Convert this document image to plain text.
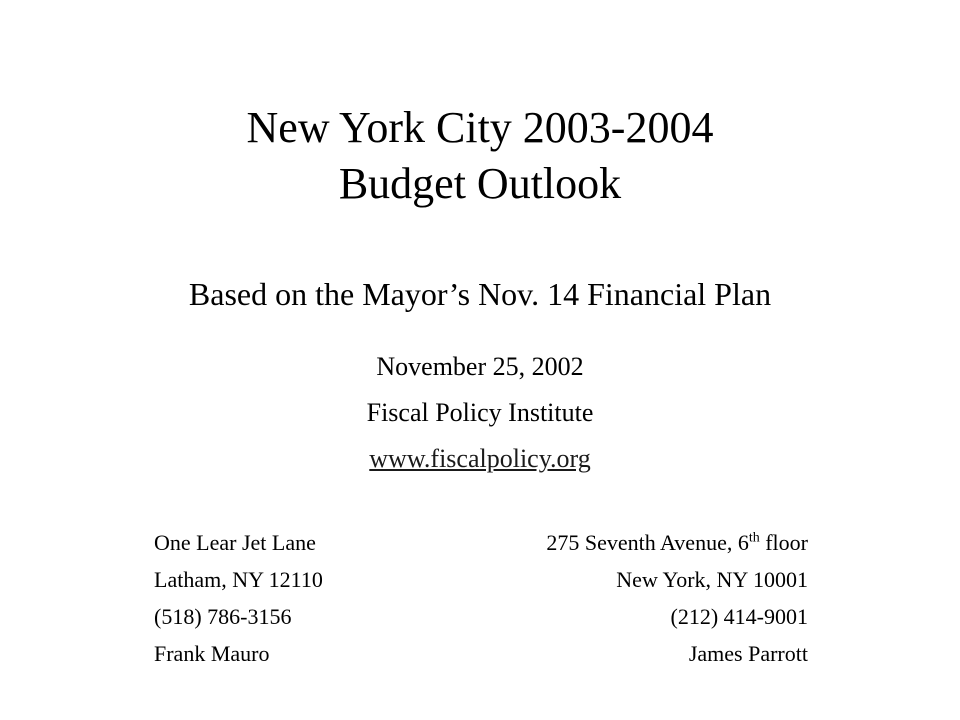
New York City 2003-2004
Budget Outlook
Based on the Mayor’s Nov. 14 Financial Plan
November 25, 2002
Fiscal Policy Institute
www.fiscalpolicy.org
One Lear Jet Lane
Latham, NY 12110
(518) 786-3156
Frank Mauro
275 Seventh Avenue, 6th floor
New York, NY 10001
(212) 414-9001
James Parrott
